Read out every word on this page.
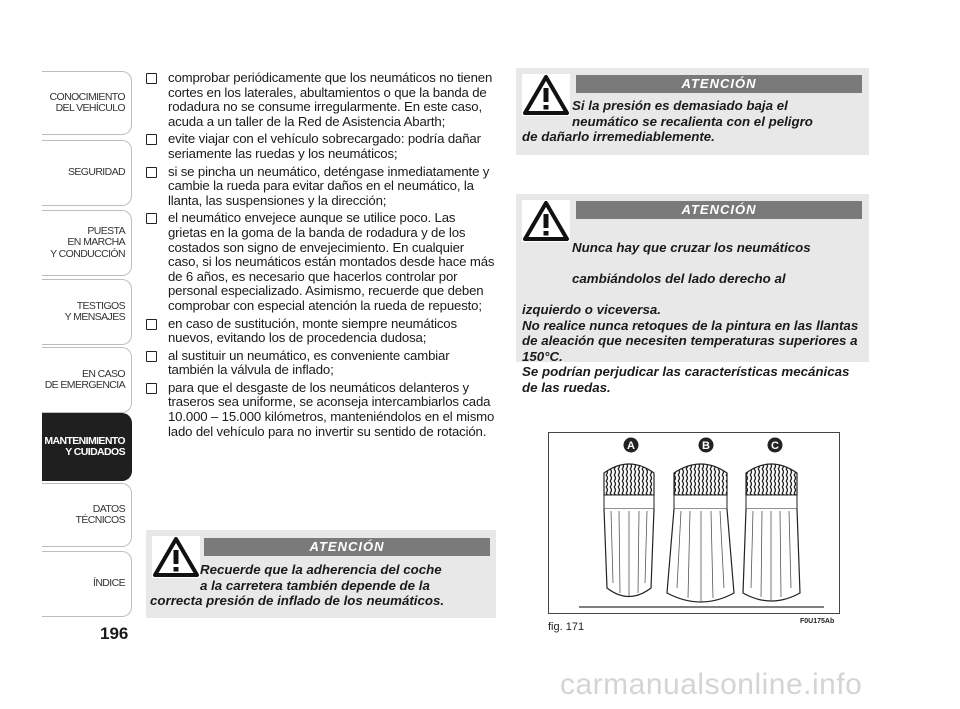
CONOCIMIENTO
DEL VEHÍCULO
SEGURIDAD
PUESTA
EN MARCHA
Y CONDUCCIÓN
TESTIGOS
Y MENSAJES
EN CASO
DE EMERGENCIA
MANTENIMIENTO
Y CUIDADOS
DATOS TÉCNICOS
ÍNDICE
196
comprobar periódicamente que los neumáticos no tienen cortes en los laterales, abultamientos o que la banda de rodadura no se consume irregularmente. En este caso, acuda a un taller de la Red de Asistencia Abarth;
evite viajar con el vehículo sobrecargado: podría dañar seriamente las ruedas y los neumáticos;
si se pincha un neumático, deténgase inmediatamente y cambie la rueda para evitar daños en el neumático, la llanta, las suspensiones y la dirección;
el neumático envejece aunque se utilice poco. Las grietas en la goma de la banda de rodadura y de los costados son signo de envejecimiento. En cualquier caso, si los neumáticos están montados desde hace más de 6 años, es necesario que hacerlos controlar por personal especializado. Asimismo, recuerde que deben comprobar con especial atención la rueda de repuesto;
en caso de sustitución, monte siempre neumáticos nuevos, evitando los de procedencia dudosa;
al sustituir un neumático, es conveniente cambiar también la válvula de inflado;
para que el desgaste de los neumáticos delanteros y traseros sea uniforme, se aconseja intercambiarlos cada 10.000 – 15.000 kilómetros, manteniéndolos en el mismo lado del vehículo para no invertir su sentido de rotación.
ATENCIÓN
Recuerde que la adherencia del coche
a la carretera también depende de la
correcta presión de inflado de los neumáticos.
ATENCIÓN
Si la presión es demasiado baja el
neumático se recalienta con el peligro
de dañarlo irremediablemente.
ATENCIÓN

Nunca hay que cruzar los neumáticos

cambiándolos del lado derecho al

izquierdo o viceversa.
No realice nunca retoques de la pintura en las llantas de aleación que necesiten temperaturas superiores a 150°C.
Se podrían perjudicar las características mecánicas de las ruedas.

A	B	C
fig. 171	F0U175Ab
carmanualsonline.info
